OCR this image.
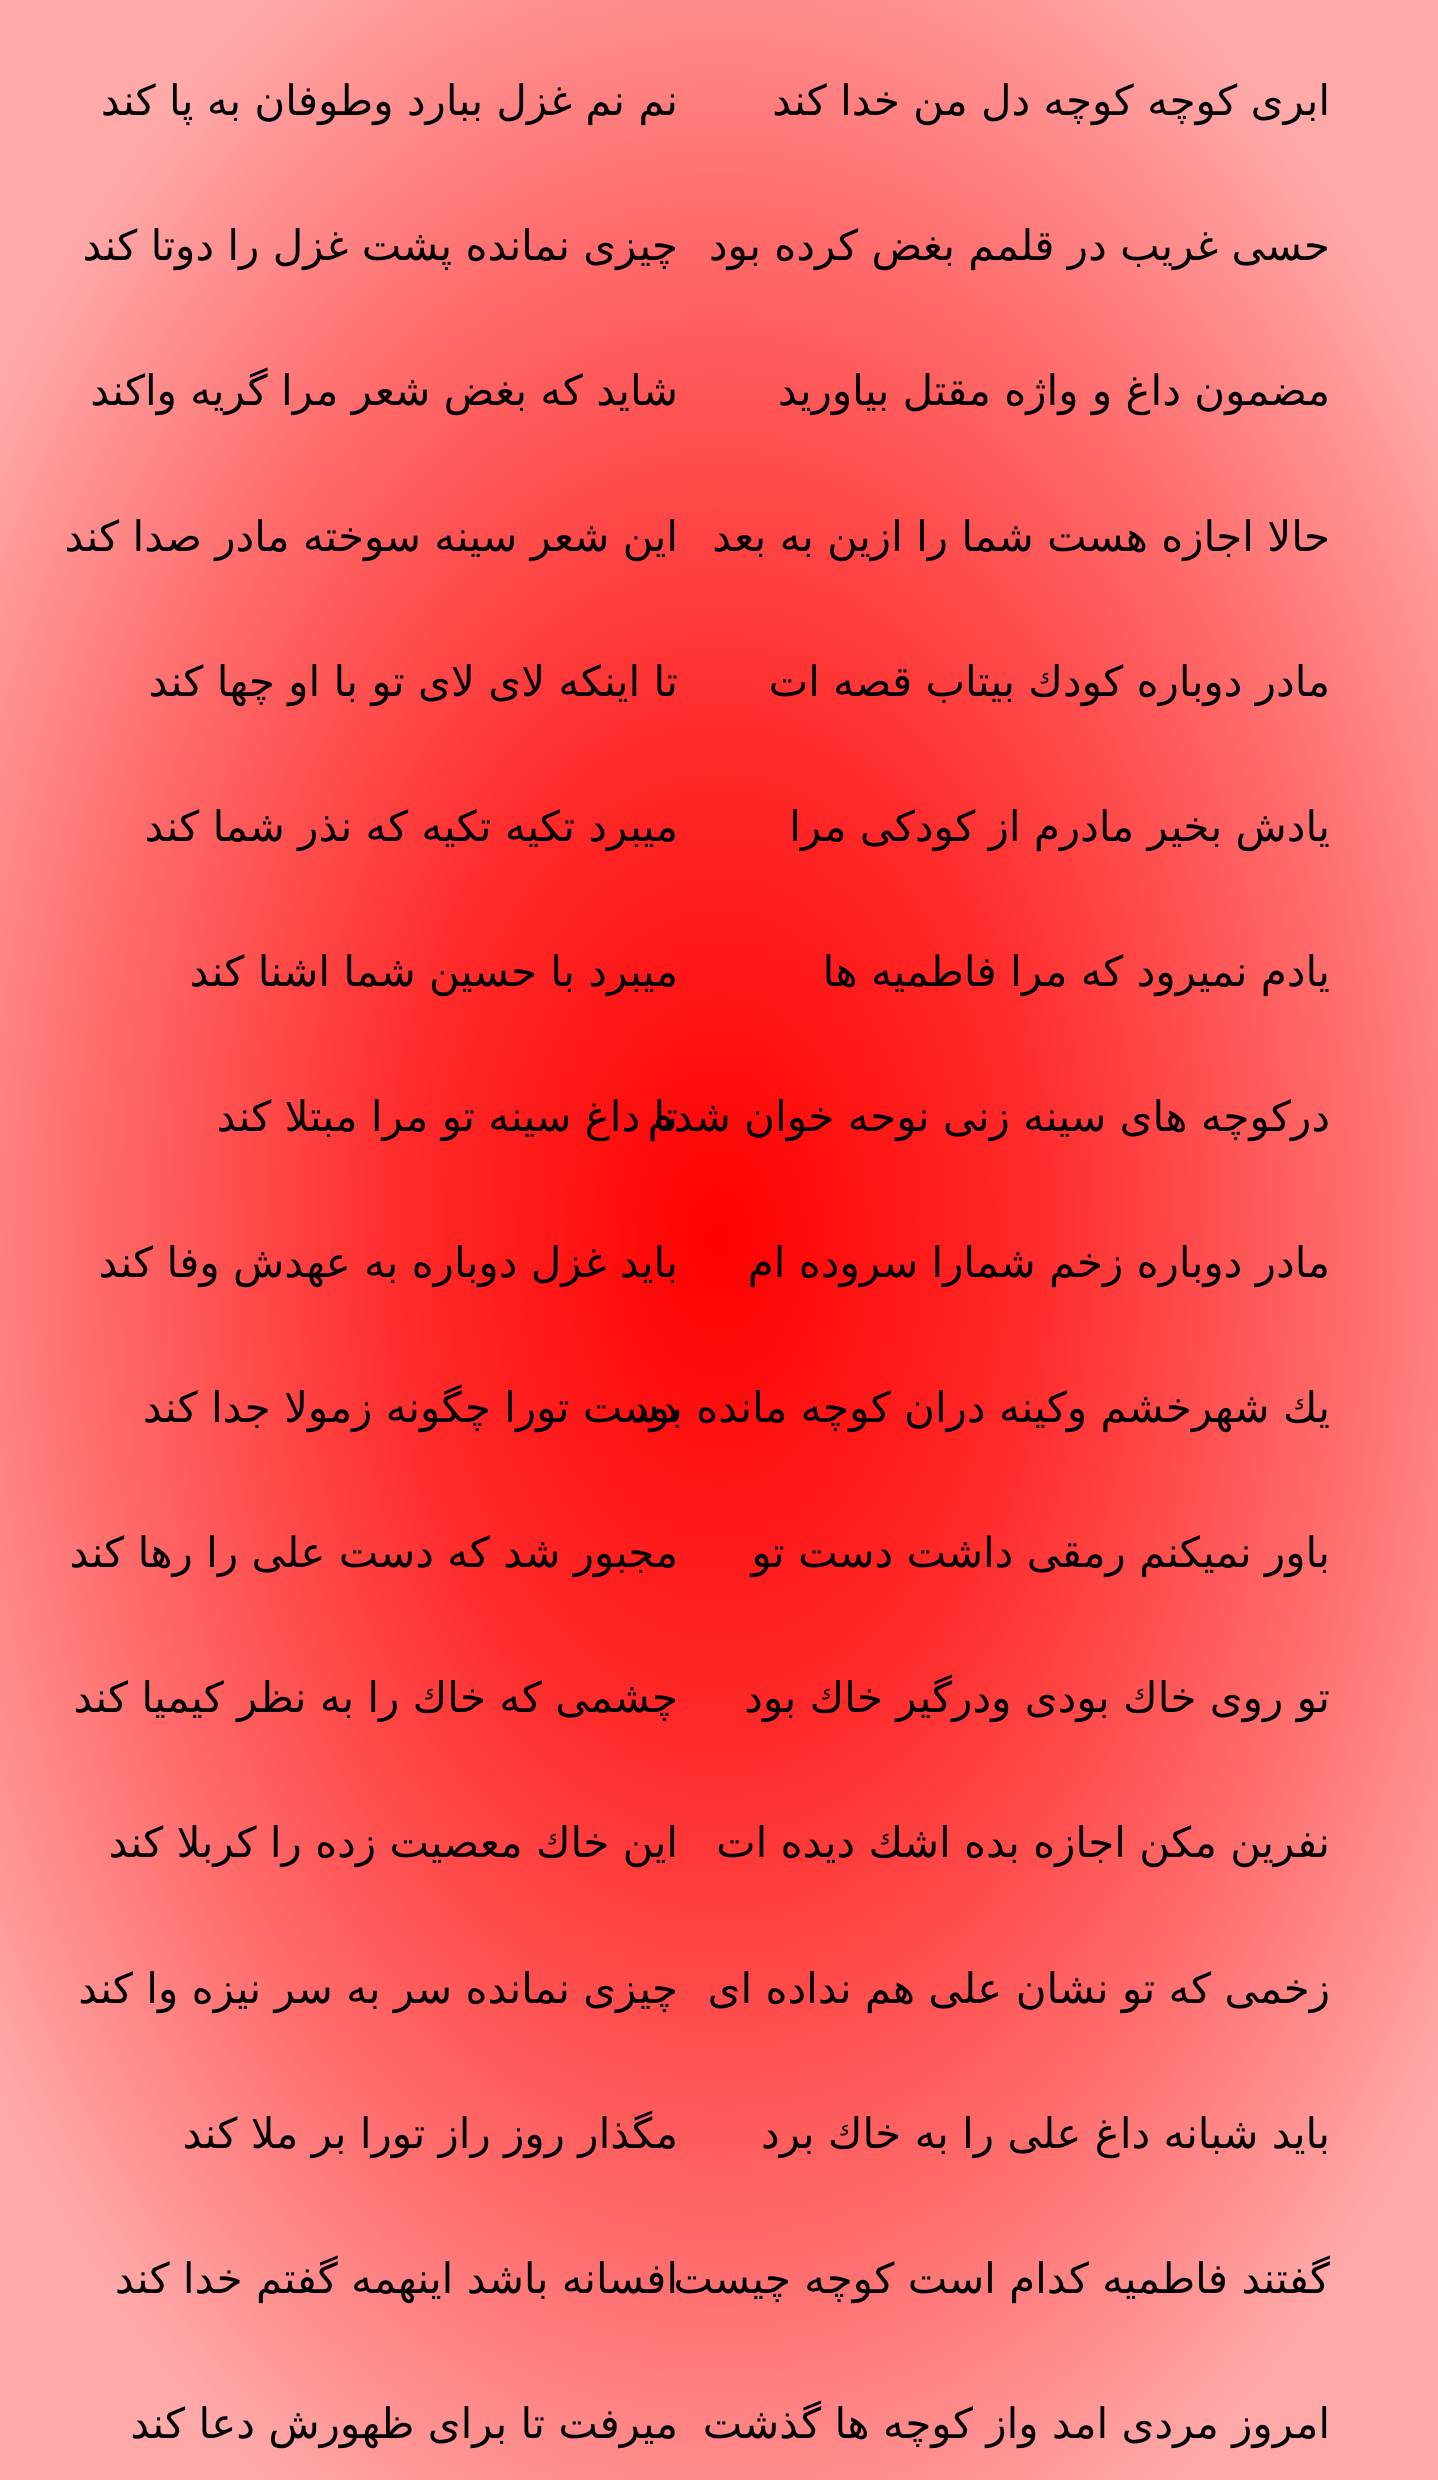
ابری کوچه کوچه دل من خدا کند
نم نم غزل ببارد وطوفان به پا کند
حسی غریب در قلمم بغض کرده بود
چیزی نمانده پشت غزل را دوتا کند
مضمون داغ و واژه مقتل بیاورید
شاید که بغض شعر مرا گریه واکند
حالا اجازه هست شما را ازین به بعد
این شعر سینه سوخته مادر صدا کند
مادر دوباره کودك بیتاب قصه ات
تا اینکه لای لای تو با او چها کند
یادش بخیر مادرم از کودکی مرا
میبرد تکیه تکیه که نذر شما کند
یادم نمیرود که مرا فاطمیه ها
میبرد با حسین شما اشنا کند
درکوچه های سینه زنی نوحه خوان شدم
تا داغ سینه تو مرا مبتلا کند
مادر دوباره زخم شمارا سروده ام
باید غزل دوباره به عهدش وفا کند
یك شهرخشم وکینه دران کوچه مانده بود
دست تورا چگونه زمولا جدا کند
باور نمیکنم رمقی داشت دست تو
مجبور شد که دست علی را رها کند
تو روی خاك بودی ودرگیر خاك بود
چشمی که خاك را به نظر کیمیا کند
نفرین مکن اجازه بده اشك دیده ات
این خاك معصیت زده را کربلا کند
زخمی که تو نشان علی هم نداده ای
چیزی نمانده سر به سر نیزه وا کند
باید شبانه داغ علی را به خاك برد
مگذار روز راز تورا بر ملا کند
گفتند فاطمیه کدام است کوچه چیست
افسانه باشد اینهمه گفتم خدا کند
امروز مردی امد واز کوچه ها گذشت
میرفت تا برای ظهورش دعا کند
